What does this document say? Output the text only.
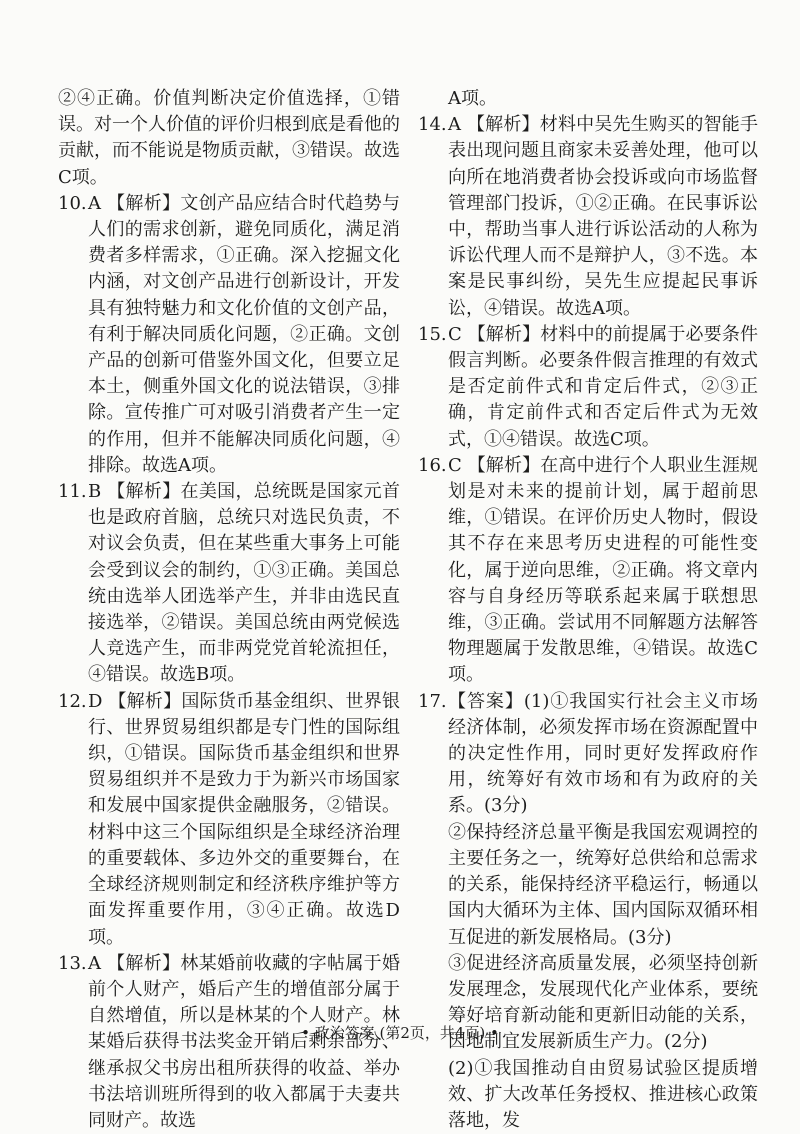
②④正确。价值判断决定价值选择，①错误。对一个人价值的评价归根到底是看他的贡献，而不能说是物质贡献，③错误。故选C项。

10. A 【解析】文创产品应结合时代趋势与人们的需求创新，避免同质化，满足消费者多样需求，①正确。深入挖掘文化内涵，对文创产品进行创新设计，开发具有独特魅力和文化价值的文创产品，有利于解决同质化问题，②正确。文创产品的创新可借鉴外国文化，但要立足本土，侧重外国文化的说法错误，③排除。宣传推广可对吸引消费者产生一定的作用，但并不能解决同质化问题，④排除。故选A项。

11. B 【解析】在美国，总统既是国家元首也是政府首脑，总统只对选民负责，不对议会负责，但在某些重大事务上可能会受到议会的制约，①③正确。美国总统由选举人团选举产生，并非由选民直接选举，②错误。美国总统由两党候选人竞选产生，而非两党党首轮流担任，④错误。故选B项。

12. D 【解析】国际货币基金组织、世界银行、世界贸易组织都是专门性的国际组织，①错误。国际货币基金组织和世界贸易组织并不是致力于为新兴市场国家和发展中国家提供金融服务，②错误。材料中这三个国际组织是全球经济治理的重要载体、多边外交的重要舞台，在全球经济规则制定和经济秩序维护等方面发挥重要作用，③④正确。故选D项。

13. A 【解析】林某婚前收藏的字帖属于婚前个人财产，婚后产生的增值部分属于自然增值，所以是林某的个人财产。林某婚后获得书法奖金开销后剩余部分、继承叔父书房出租所获得的收益、举办书法培训班所得到的收入都属于夫妻共同财产。故选

A项。

14. A 【解析】材料中吴先生购买的智能手表出现问题且商家未妥善处理，他可以向所在地消费者协会投诉或向市场监督管理部门投诉，①②正确。在民事诉讼中，帮助当事人进行诉讼活动的人称为诉讼代理人而不是辩护人，③不选。本案是民事纠纷，吴先生应提起民事诉讼，④错误。故选A项。

15. C 【解析】材料中的前提属于必要条件假言判断。必要条件假言推理的有效式是否定前件式和肯定后件式，②③正确，肯定前件式和否定后件式为无效式，①④错误。故选C项。

16. C 【解析】在高中进行个人职业生涯规划是对未来的提前计划，属于超前思维，①错误。在评价历史人物时，假设其不存在来思考历史进程的可能性变化，属于逆向思维，②正确。将文章内容与自身经历等联系起来属于联想思维，③正确。尝试用不同解题方法解答物理题属于发散思维，④错误。故选C项。

17. 【答案】(1)①我国实行社会主义市场经济体制，必须发挥市场在资源配置中的决定性作用，同时更好发挥政府作用，统筹好有效市场和有为政府的关系。(3分)
②保持经济总量平衡是我国宏观调控的主要任务之一，统筹好总供给和总需求的关系，能保持经济平稳运行，畅通以国内大循环为主体、国内国际双循环相互促进的新发展格局。(3分)
③促进经济高质量发展，必须坚持创新发展理念，发展现代化产业体系，要统筹好培育新动能和更新旧动能的关系，因地制宜发展新质生产力。(2分)
(2)①我国推动自由贸易试验区提质增效、扩大改革任务授权、推进核心政策落地，发
• 政治答案 (第2页，共4页) •
